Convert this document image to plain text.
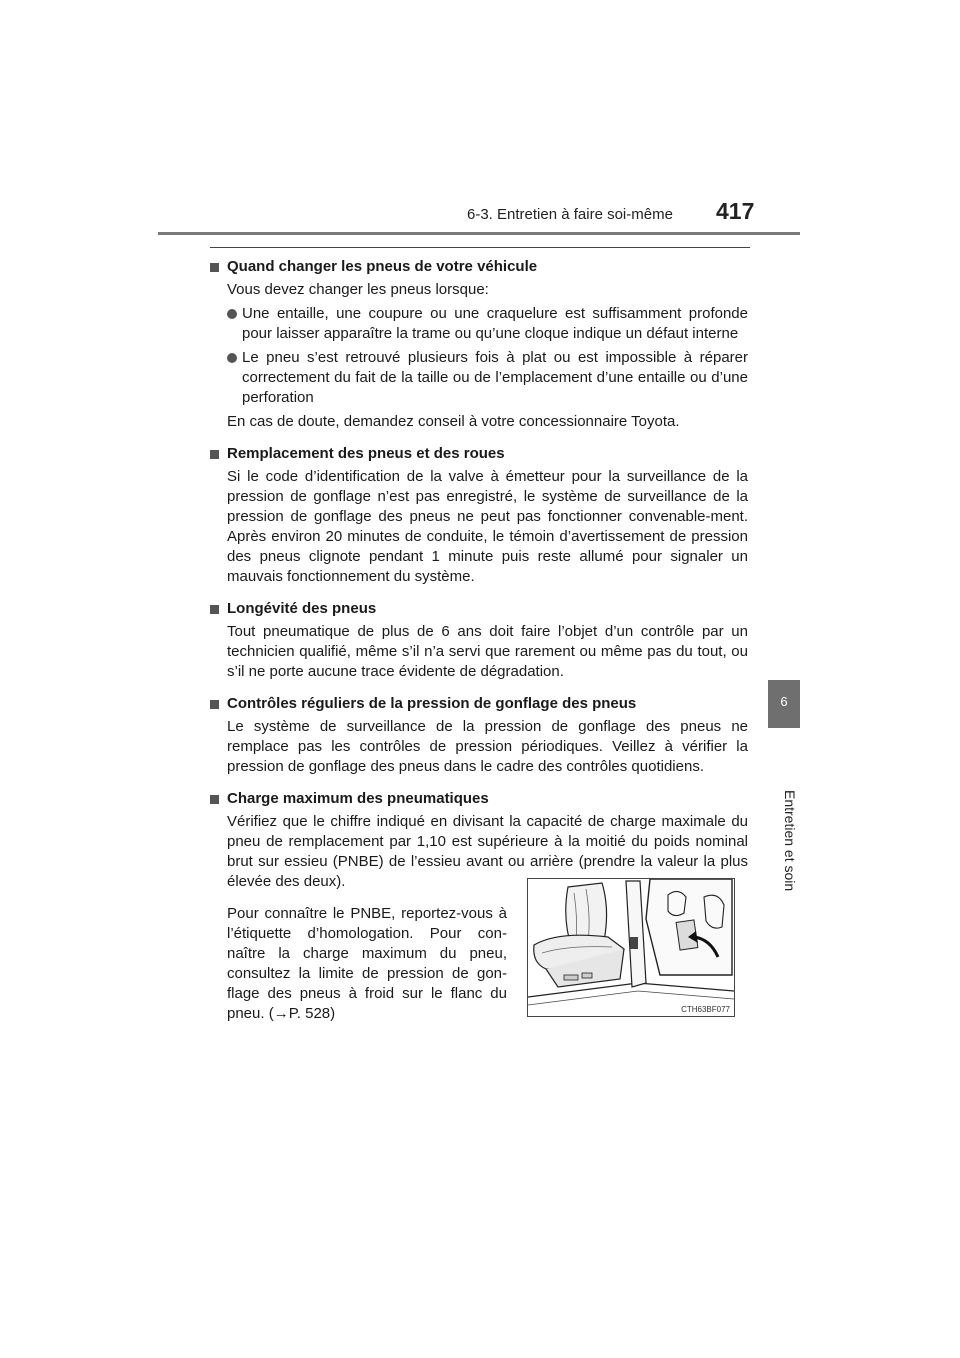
6-3. Entretien à faire soi-même 417
6
Entretien et soin
Quand changer les pneus de votre véhicule
Vous devez changer les pneus lorsque:
Une entaille, une coupure ou une craquelure est suffisamment profonde pour laisser apparaître la trame ou qu’une cloque indique un défaut interne
Le pneu s’est retrouvé plusieurs fois à plat ou est impossible à réparer correctement du fait de la taille ou de l’emplacement d’une entaille ou d’une perforation
En cas de doute, demandez conseil à votre concessionnaire Toyota.
Remplacement des pneus et des roues
Si le code d’identification de la valve à émetteur pour la surveillance de la pression de gonflage n’est pas enregistré, le système de surveillance de la pression de gonflage des pneus ne peut pas fonctionner convenable-ment. Après environ 20 minutes de conduite, le témoin d’avertissement de pression des pneus clignote pendant 1 minute puis reste allumé pour signaler un mauvais fonctionnement du système.
Longévité des pneus
Tout pneumatique de plus de 6 ans doit faire l’objet d’un contrôle par un technicien qualifié, même s’il n’a servi que rarement ou même pas du tout, ou s’il ne porte aucune trace évidente de dégradation.
Contrôles réguliers de la pression de gonflage des pneus
Le système de surveillance de la pression de gonflage des pneus ne remplace pas les contrôles de pression périodiques. Veillez à vérifier la pression de gonflage des pneus dans le cadre des contrôles quotidiens.
Charge maximum des pneumatiques
Vérifiez que le chiffre indiqué en divisant la capacité de charge maximale du pneu de remplacement par 1,10 est supérieure à la moitié du poids nominal brut sur essieu (PNBE) de l’essieu avant ou arrière (prendre la valeur la plus élevée des deux).
Pour connaître le PNBE, reportez-vous à l’étiquette d’homologation. Pour con-naître la charge maximum du pneu, consultez la limite de pression de gon-flage des pneus à froid sur le flanc du pneu. (→P. 528)	CTH63BF077
